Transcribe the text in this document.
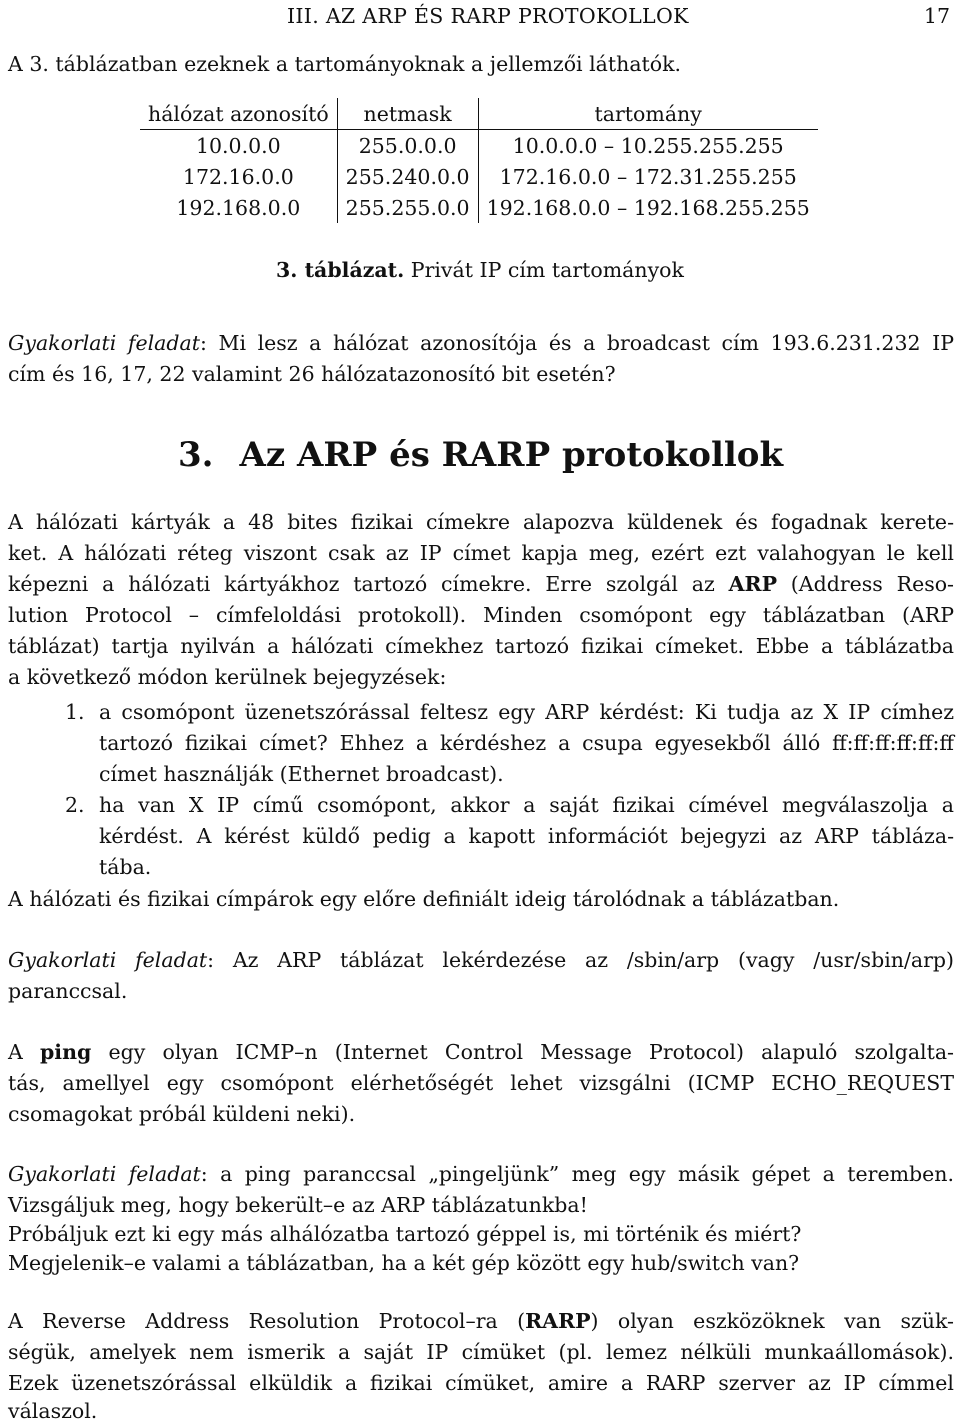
III. AZ ARP ÉS RARP PROTOKOLLOK	17
A 3. táblázatban ezeknek a tartományoknak a jellemzői láthatók.
hálózat azonosító	netmask	tartomány
10.0.0.0	255.0.0.0	10.0.0.0 – 10.255.255.255
172.16.0.0	255.240.0.0	172.16.0.0 – 172.31.255.255
192.168.0.0	255.255.0.0	192.168.0.0 – 192.168.255.255
3. táblázat. Privát IP cím tartományok
Gyakorlati feladat: Mi lesz a hálózat azonosítója és a broadcast cím 193.6.231.232 IP
cím és 16, 17, 22 valamint 26 hálózatazonosító bit esetén?
3. Az ARP és RARP protokollok
A hálózati kártyák a 48 bites fizikai címekre alapozva küldenek és fogadnak kerete-
ket. A hálózati réteg viszont csak az IP címet kapja meg, ezért ezt valahogyan le kell
képezni a hálózati kártyákhoz tartozó címekre. Erre szolgál az ARP (Address Reso-
lution Protocol – címfeloldási protokoll). Minden csomópont egy táblázatban (ARP
táblázat) tartja nyilván a hálózati címekhez tartozó fizikai címeket. Ebbe a táblázatba
a következő módon kerülnek bejegyzések:
1. a csomópont üzenetszórással feltesz egy ARP kérdést: Ki tudja az X IP címhez
tartozó fizikai címet? Ehhez a kérdéshez a csupa egyesekből álló ff:ff:ff:ff:ff:ff
címet használják (Ethernet broadcast).
2. ha van X IP című csomópont, akkor a saját fizikai címével megválaszolja a
kérdést. A kérést küldő pedig a kapott információt bejegyzi az ARP tábláza-
tába.
A hálózati és fizikai címpárok egy előre definiált ideig tárolódnak a táblázatban.
Gyakorlati feladat: Az ARP táblázat lekérdezése az /sbin/arp (vagy /usr/sbin/arp)
paranccsal.
A ping egy olyan ICMP–n (Internet Control Message Protocol) alapuló szolgalta-
tás, amellyel egy csomópont elérhetőségét lehet vizsgálni (ICMP ECHO_REQUEST
csomagokat próbál küldeni neki).
Gyakorlati feladat: a ping paranccsal „pingeljünk” meg egy másik gépet a teremben.
Vizsgáljuk meg, hogy bekerült–e az ARP táblázatunkba!
Próbáljuk ezt ki egy más alhálózatba tartozó géppel is, mi történik és miért?
Megjelenik–e valami a táblázatban, ha a két gép között egy hub/switch van?
A Reverse Address Resolution Protocol–ra (RARP) olyan eszközöknek van szük-
ségük, amelyek nem ismerik a saját IP címüket (pl. lemez nélküli munkaállomások).
Ezek üzenetszórással elküldik a fizikai címüket, amire a RARP szerver az IP címmel
válaszol.
